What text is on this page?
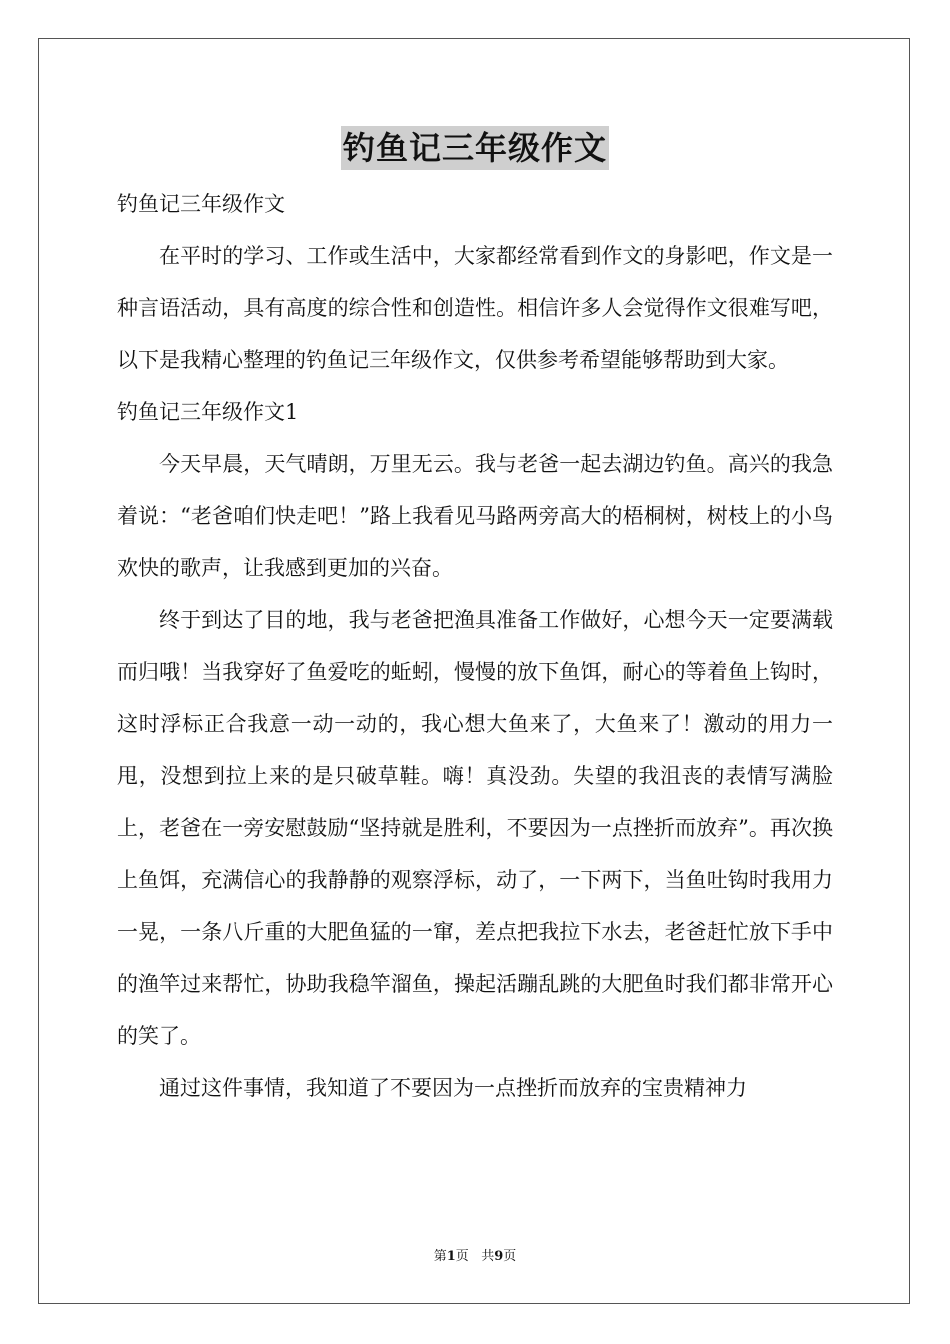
钓鱼记三年级作文

钓鱼记三年级作文

在平时的学习、工作或生活中，大家都经常看到作文的身影吧，作文是一种言语活动，具有高度的综合性和创造性。相信许多人会觉得作文很难写吧，以下是我精心整理的钓鱼记三年级作文，仅供参考希望能够帮助到大家。

钓鱼记三年级作文1

今天早晨，天气晴朗，万里无云。我与老爸一起去湖边钓鱼。高兴的我急着说：“老爸咱们快走吧！”路上我看见马路两旁高大的梧桐树，树枝上的小鸟欢快的歌声，让我感到更加的兴奋。

终于到达了目的地，我与老爸把渔具准备工作做好，心想今天一定要满载而归哦！当我穿好了鱼爱吃的蚯蚓，慢慢的放下鱼饵，耐心的等着鱼上钩时，这时浮标正合我意一动一动的，我心想大鱼来了，大鱼来了！激动的用力一甩，没想到拉上来的是只破草鞋。嗨！真没劲。失望的我沮丧的表情写满脸上，老爸在一旁安慰鼓励“坚持就是胜利，不要因为一点挫折而放弃”。再次换上鱼饵，充满信心的我静静的观察浮标，动了，一下两下，当鱼吐钩时我用力一晃，一条八斤重的大肥鱼猛的一窜，差点把我拉下水去，老爸赶忙放下手中的渔竿过来帮忙，协助我稳竿溜鱼，操起活蹦乱跳的大肥鱼时我们都非常开心的笑了。

通过这件事情，我知道了不要因为一点挫折而放弃的宝贵精神力

第1页 共9页
